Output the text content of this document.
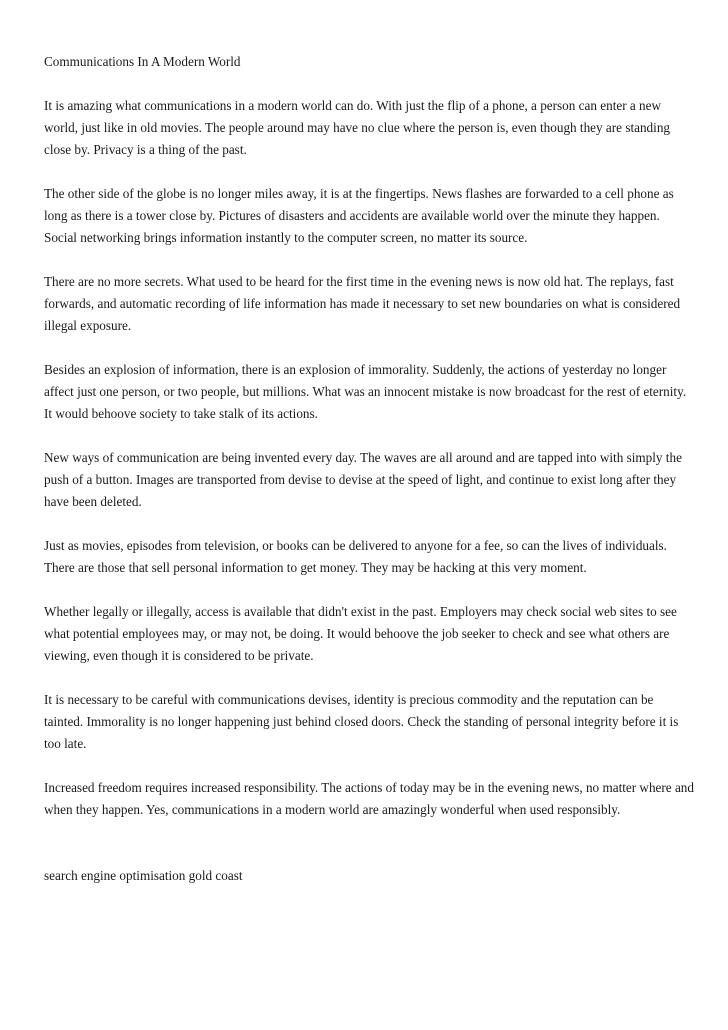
Communications In A Modern World

It is amazing what communications in a modern world can do. With just the flip of a phone, a person can enter a new world, just like in old movies. The people around may have no clue where the person is, even though they are standing close by. Privacy is a thing of the past.

The other side of the globe is no longer miles away, it is at the fingertips. News flashes are forwarded to a cell phone as long as there is a tower close by. Pictures of disasters and accidents are available world over the minute they happen. Social networking brings information instantly to the computer screen, no matter its source.

There are no more secrets. What used to be heard for the first time in the evening news is now old hat. The replays, fast forwards, and automatic recording of life information has made it necessary to set new boundaries on what is considered illegal exposure.

Besides an explosion of information, there is an explosion of immorality. Suddenly, the actions of yesterday no longer affect just one person, or two people, but millions. What was an innocent mistake is now broadcast for the rest of eternity. It would behoove society to take stalk of its actions.

New ways of communication are being invented every day. The waves are all around and are tapped into with simply the push of a button. Images are transported from devise to devise at the speed of light, and continue to exist long after they have been deleted.

Just as movies, episodes from television, or books can be delivered to anyone for a fee, so can the lives of individuals. There are those that sell personal information to get money. They may be hacking at this very moment.

Whether legally or illegally, access is available that didn't exist in the past. Employers may check social web sites to see what potential employees may, or may not, be doing. It would behoove the job seeker to check and see what others are viewing, even though it is considered to be private.

It is necessary to be careful with communications devises, identity is precious commodity and the reputation can be tainted. Immorality is no longer happening just behind closed doors. Check the standing of personal integrity before it is too late.

Increased freedom requires increased responsibility. The actions of today may be in the evening news, no matter where and when they happen. Yes, communications in a modern world are amazingly wonderful when used responsibly.

search engine optimisation gold coast
